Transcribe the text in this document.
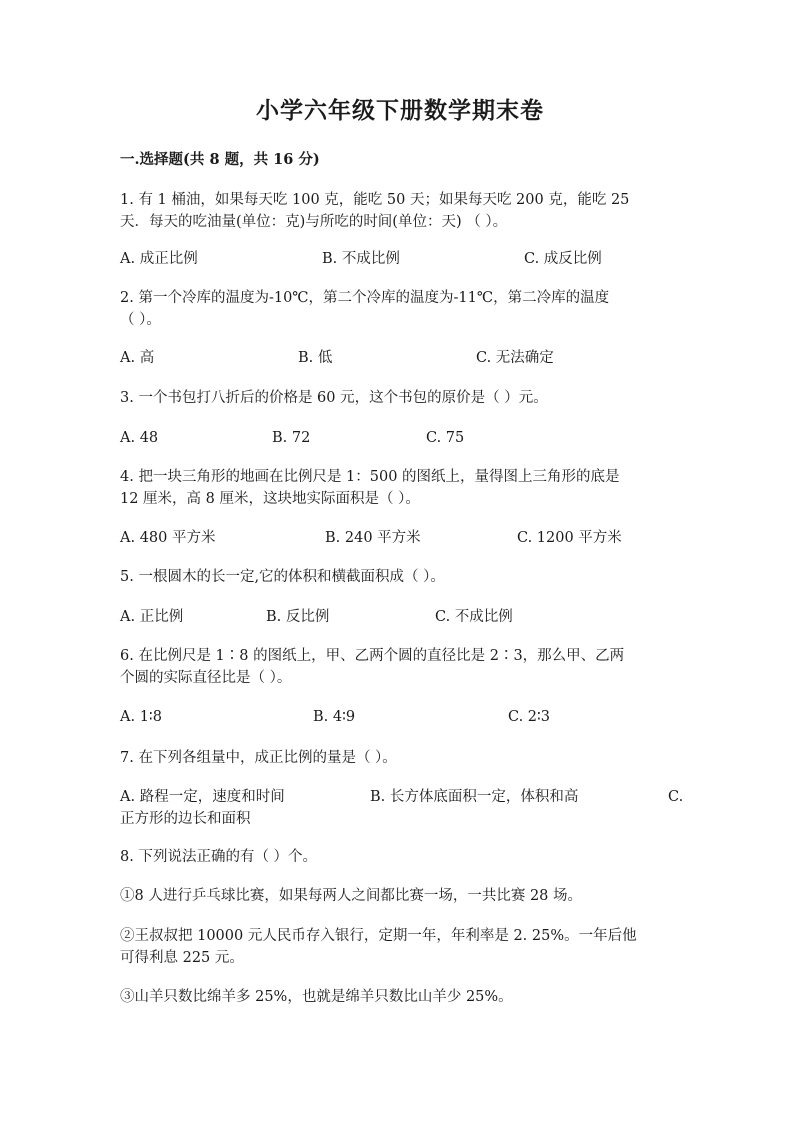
小学六年级下册数学期末卷
一.选择题(共 8 题，共 16 分)
1. 有 1 桶油，如果每天吃 100 克，能吃 50 天；如果每天吃 200 克，能吃 25
天．每天的吃油量(单位：克)与所吃的时间(单位：天) （ ）。
A. 成正比例	B. 不成比例	C. 成反比例
2. 第一个冷库的温度为-10℃，第二个冷库的温度为-11℃，第二冷库的温度
（ ）。
A. 高	B. 低	C. 无法确定
3. 一个书包打八折后的价格是 60 元，这个书包的原价是（ ）元。
A. 48	B. 72	C. 75
4. 把一块三角形的地画在比例尺是 1：500 的图纸上，量得图上三角形的底是
12 厘米，高 8 厘米，这块地实际面积是（ ）。
A. 480 平方米	B. 240 平方米	C. 1200 平方米
5. 一根圆木的长一定,它的体积和横截面积成（ ）。
A. 正比例	B. 反比例	C. 不成比例
6. 在比例尺是 1∶8 的图纸上，甲、乙两个圆的直径比是 2∶3，那么甲、乙两
个圆的实际直径比是（ ）。
A. 1∶8	B. 4∶9	C. 2∶3
7. 在下列各组量中，成正比例的量是（ ）。
A. 路程一定，速度和时间	B. 长方体底面积一定，体积和高	C.
正方形的边长和面积
8. 下列说法正确的有（ ）个。
①8 人进行乒乓球比赛，如果每两人之间都比赛一场，一共比赛 28 场。
②王叔叔把 10000 元人民币存入银行，定期一年，年利率是 2. 25%。一年后他
可得利息 225 元。
③山羊只数比绵羊多 25%，也就是绵羊只数比山羊少 25%。
